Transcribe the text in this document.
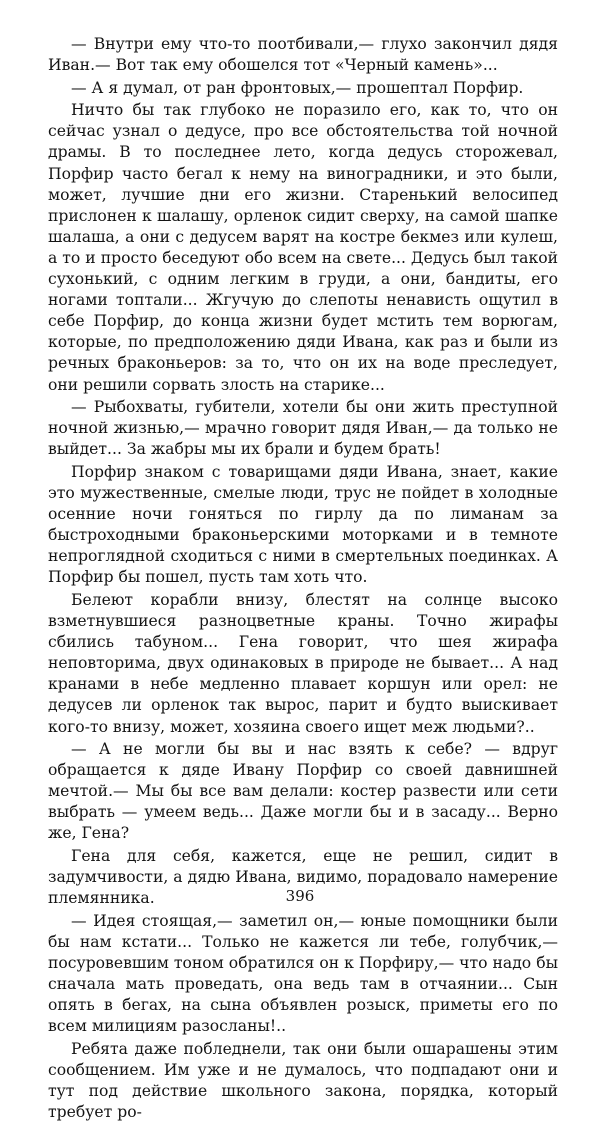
— Внутри ему что-то поотбивали,— глухо закончил дядя Иван.— Вот так ему обошелся тот «Черный камень»...

— А я думал, от ран фронтовых,— прошептал Порфир.

Ничто бы так глубоко не поразило его, как то, что он сейчас узнал о дедусе, про все обстоятельства той ночной драмы. В то последнее лето, когда дедусь сторожевал, Порфир часто бегал к нему на виноградники, и это были, может, лучшие дни его жизни. Старенький велосипед прислонен к шалашу, орленок сидит сверху, на самой шапке шалаша, а они с дедусем варят на костре бекмез или кулеш, а то и просто беседуют обо всем на свете... Дедусь был такой сухонький, с одним легким в груди, а они, бандиты, его ногами топтали... Жгучую до слепоты ненависть ощутил в себе Порфир, до конца жизни будет мстить тем ворюгам, которые, по предположению дяди Ивана, как раз и были из речных браконьеров: за то, что он их на воде преследует, они решили сорвать злость на старике...

— Рыбохваты, губители, хотели бы они жить преступной ночной жизнью,— мрачно говорит дядя Иван,— да только не выйдет... За жабры мы их брали и будем брать!

Порфир знаком с товарищами дяди Ивана, знает, какие это мужественные, смелые люди, трус не пойдет в холодные осенние ночи гоняться по гирлу да по лиманам за быстроходными браконьерскими моторками и в темноте непроглядной сходиться с ними в смертельных поединках. А Порфир бы пошел, пусть там хоть что.

Белеют корабли внизу, блестят на солнце высоко взметнувшиеся разноцветные краны. Точно жирафы сбились табуном... Гена говорит, что шея жирафа неповторима, двух одинаковых в природе не бывает... А над кранами в небе медленно плавает коршун или орел: не дедусев ли орленок так вырос, парит и будто выискивает кого-то внизу, может, хозяина своего ищет меж людьми?..

— А не могли бы вы и нас взять к себе? — вдруг обращается к дяде Ивану Порфир со своей давнишней мечтой.— Мы бы все вам делали: костер развести или сети выбрать — умеем ведь... Даже могли бы и в засаду... Верно же, Гена?

Гена для себя, кажется, еще не решил, сидит в задумчивости, а дядю Ивана, видимо, порадовало намерение племянника.

— Идея стоящая,— заметил он,— юные помощники были бы нам кстати... Только не кажется ли тебе, голубчик,— посуровевшим тоном обратился он к Порфиру,— что надо бы сначала мать проведать, она ведь там в отчаянии... Сын опять в бегах, на сына объявлен розыск, приметы его по всем милициям разосланы!..

Ребята даже побледнели, так они были ошарашены этим сообщением. Им уже и не думалось, что подпадают они и тут под действие школьного закона, порядка, который требует ро-

396
